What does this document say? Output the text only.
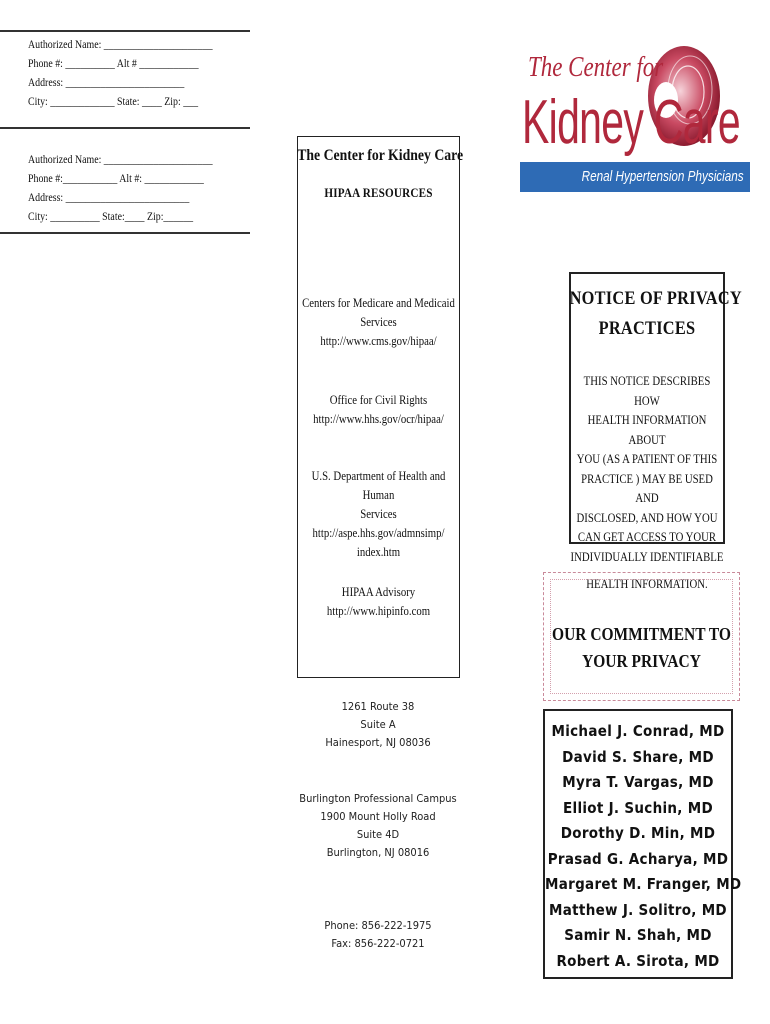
Authorized Name: ______________________
Phone #: __________ Alt # ____________
Address: ________________________
City: _____________ State: ____ Zip: ___
Authorized Name: ______________________
Phone #:___________ Alt #: ____________
Address: _________________________
City: __________ State:____ Zip:______
The Center for Kidney Care
HIPAA RESOURCES
Centers for Medicare and Medicaid
Services
http://www.cms.gov/hipaa/
Office for Civil Rights
http://www.hhs.gov/ocr/hipaa/
U.S. Department of Health and Human
Services
http://aspe.hhs.gov/admnsimp/
index.htm
HIPAA Advisory
http://www.hipinfo.com
1261 Route 38
Suite A
Hainesport, NJ 08036
Burlington Professional Campus
1900 Mount Holly Road
Suite 4D
Burlington, NJ 08016
Phone: 856-222-1975
Fax: 856-222-0721
The Center for
Kidney Care
Renal Hypertension Physicians
NOTICE OF PRIVACY
PRACTICES
THIS NOTICE DESCRIBES HOW
HEALTH INFORMATION ABOUT
YOU (AS A PATIENT OF THIS
PRACTICE ) MAY BE USED AND
DISCLOSED, AND HOW YOU
CAN GET ACCESS TO YOUR
INDIVIDUALLY IDENTIFIABLE
HEALTH INFORMATION.
OUR COMMITMENT TO
YOUR PRIVACY
Michael J. Conrad, MD
David S. Share, MD
Myra T. Vargas, MD
Elliot J. Suchin, MD
Dorothy D. Min, MD
Prasad G. Acharya, MD
Margaret M. Franger, MD
Matthew J. Solitro, MD
Samir N. Shah, MD
Robert A. Sirota, MD
